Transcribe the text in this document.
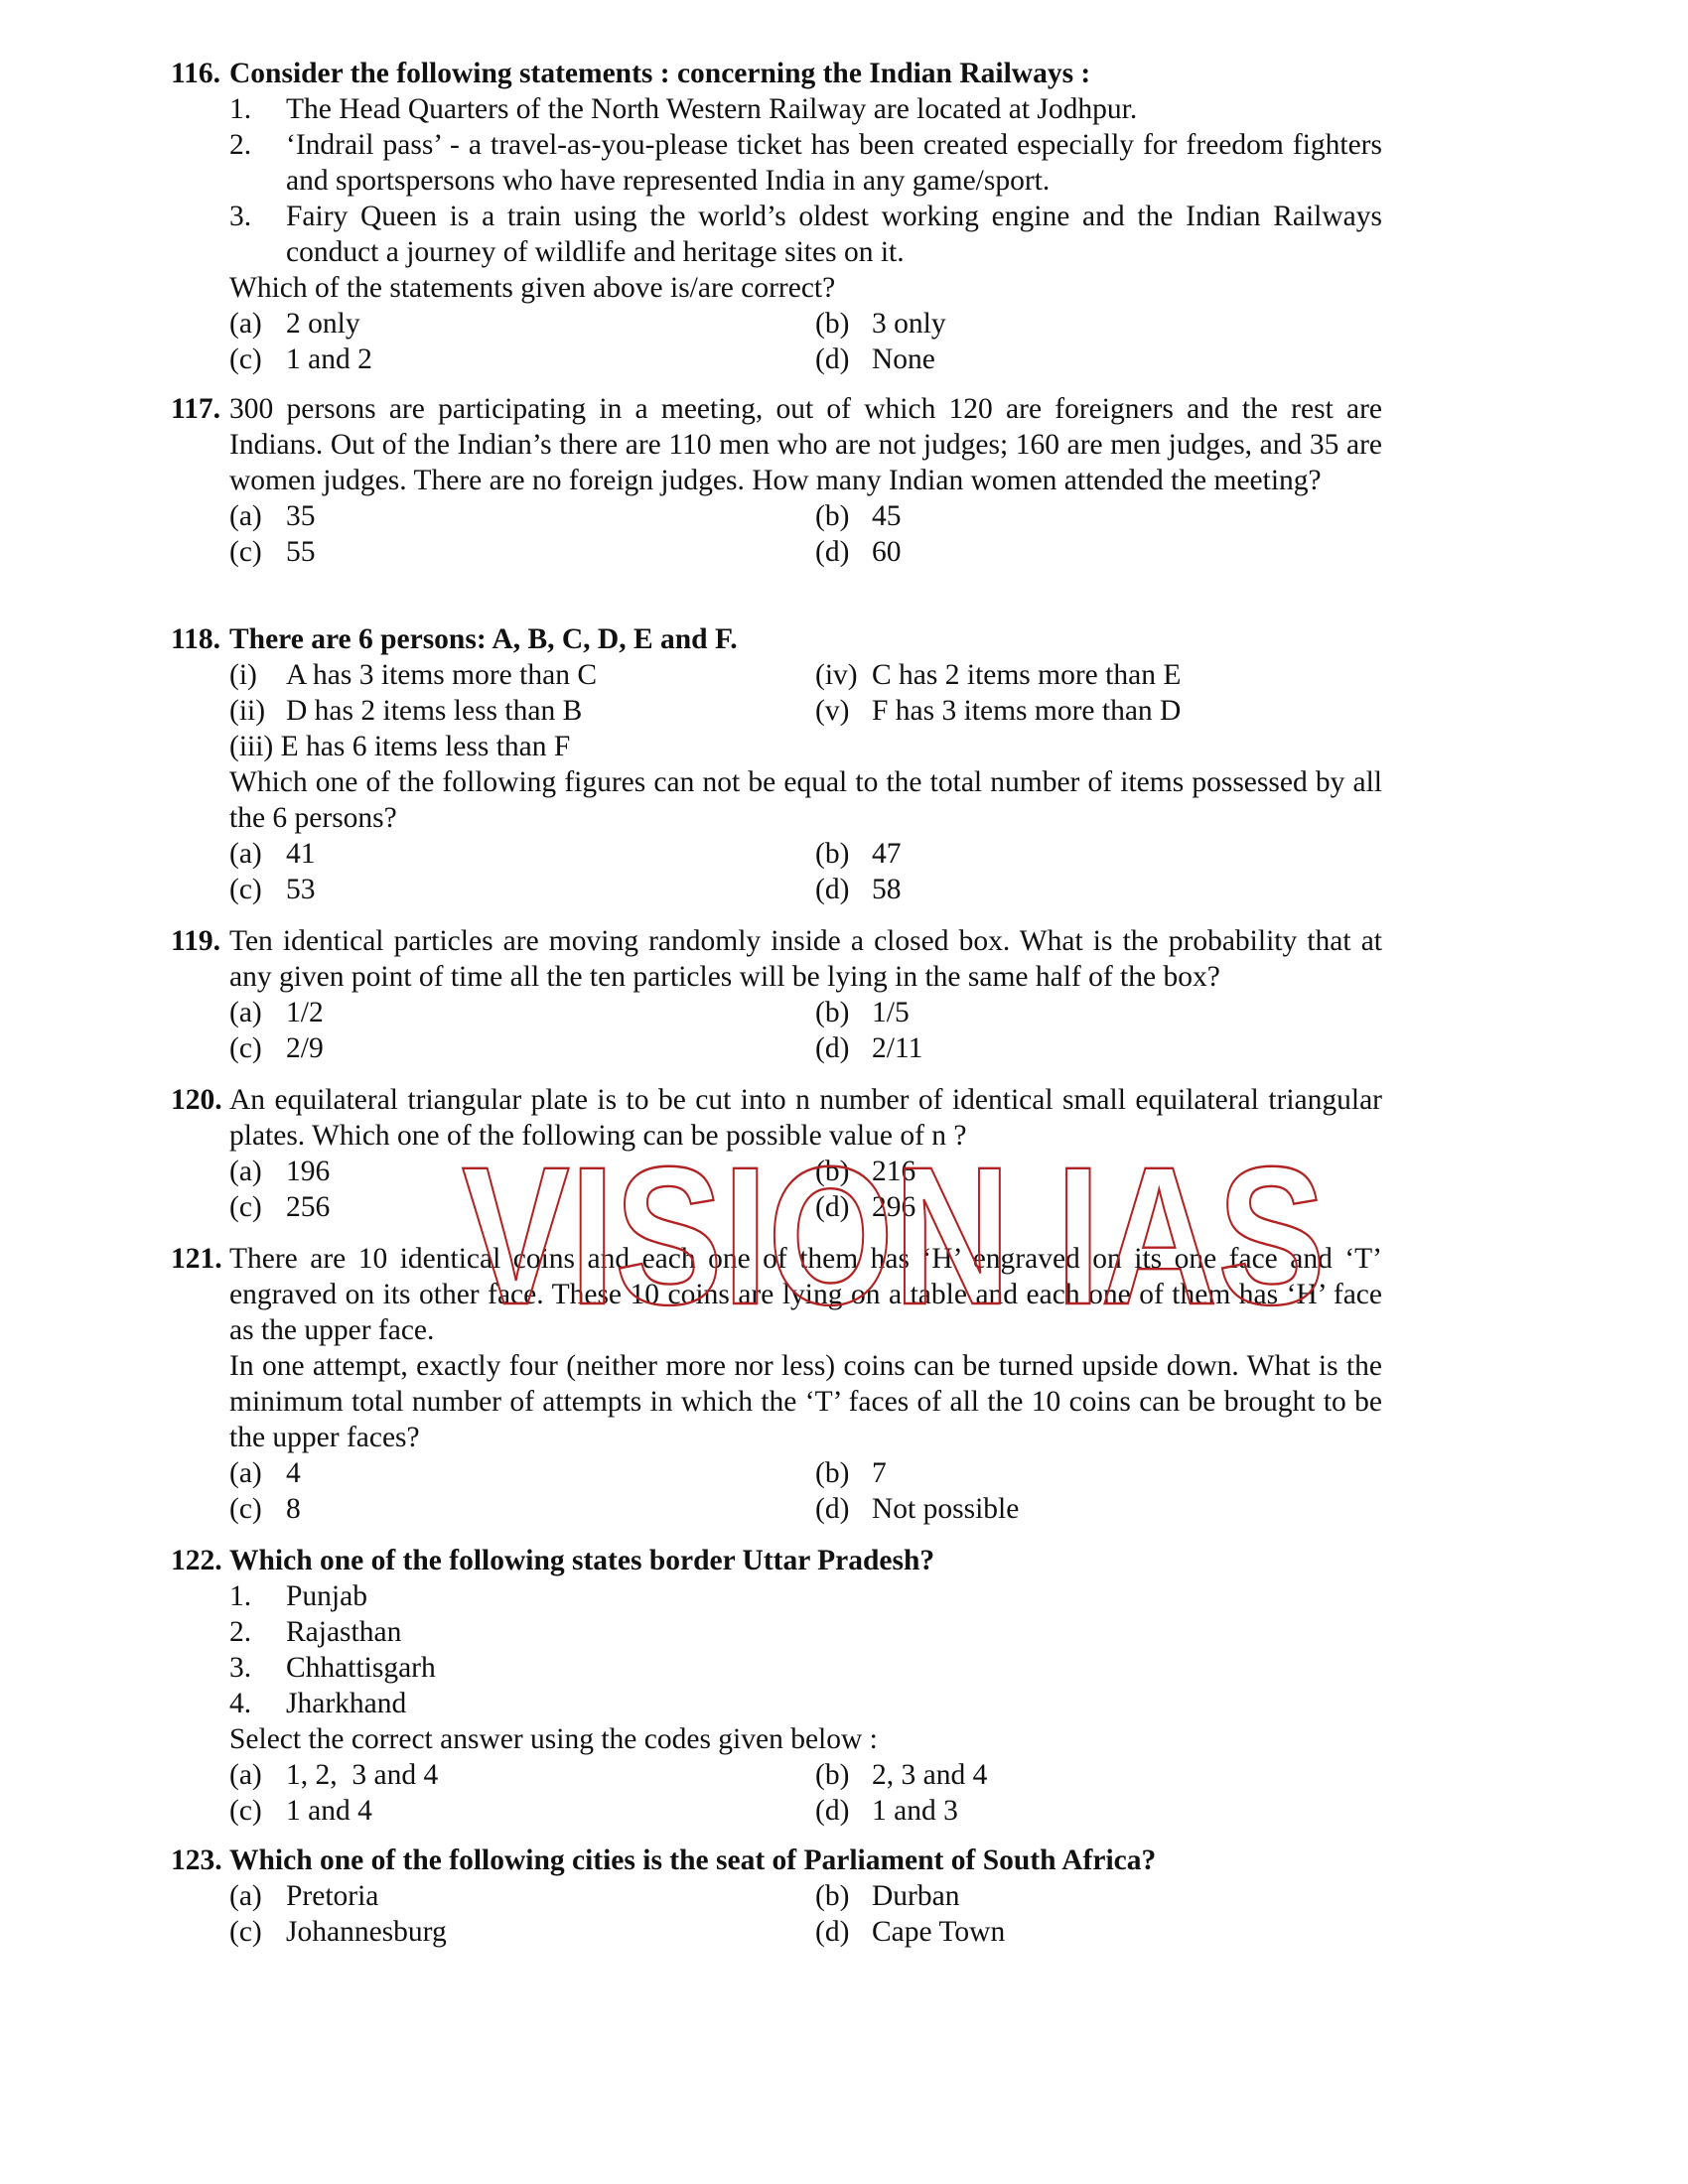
116. Consider the following statements : concerning the Indian Railways :
1. The Head Quarters of the North Western Railway are located at Jodhpur.
2. ‘Indrail pass’ - a travel-as-you-please ticket has been created especially for freedom fighters and sportspersons who have represented India in any game/sport.
3. Fairy Queen is a train using the world’s oldest working engine and the Indian Railways conduct a journey of wildlife and heritage sites on it.
Which of the statements given above is/are correct?
(a) 2 only	(b) 3 only
(c) 1 and 2	(d) None
117. 300 persons are participating in a meeting, out of which 120 are foreigners and the rest are Indians. Out of the Indian’s there are 110 men who are not judges; 160 are men judges, and 35 are women judges. There are no foreign judges. How many Indian women attended the meeting?
(a) 35	(b) 45
(c) 55	(d) 60
118. There are 6 persons: A, B, C, D, E and F.
(i) A has 3 items more than C	(iv) C has 2 items more than E
(ii) D has 2 items less than B	(v) F has 3 items more than D
(iii) E has 6 items less than F
Which one of the following figures can not be equal to the total number of items possessed by all the 6 persons?
(a) 41	(b) 47
(c) 53	(d) 58
119. Ten identical particles are moving randomly inside a closed box. What is the probability that at any given point of time all the ten particles will be lying in the same half of the box?
(a) 1/2	(b) 1/5
(c) 2/9	(d) 2/11
120. An equilateral triangular plate is to be cut into n number of identical small equilateral triangular plates. Which one of the following can be possible value of n ?
(a) 196	(b) 216
(c) 256	(d) 296
121. There are 10 identical coins and each one of them has ‘H’ engraved on its one face and ‘T’ engraved on its other face. These 10 coins are lying on a table and each one of them has ‘H’ face as the upper face.
In one attempt, exactly four (neither more nor less) coins can be turned upside down. What is the minimum total number of attempts in which the ‘T’ faces of all the 10 coins can be brought to be the upper faces?
(a) 4	(b) 7
(c) 8	(d) Not possible
122. Which one of the following states border Uttar Pradesh?
1. Punjab
2. Rajasthan
3. Chhattisgarh
4. Jharkhand
Select the correct answer using the codes given below :
(a) 1, 2,  3 and 4	(b) 2, 3 and 4
(c) 1 and 4	(d) 1 and 3
123. Which one of the following cities is the seat of Parliament of South Africa?
(a) Pretoria	(b) Durban
(c) Johannesburg	(d) Cape Town
VISION IAS
